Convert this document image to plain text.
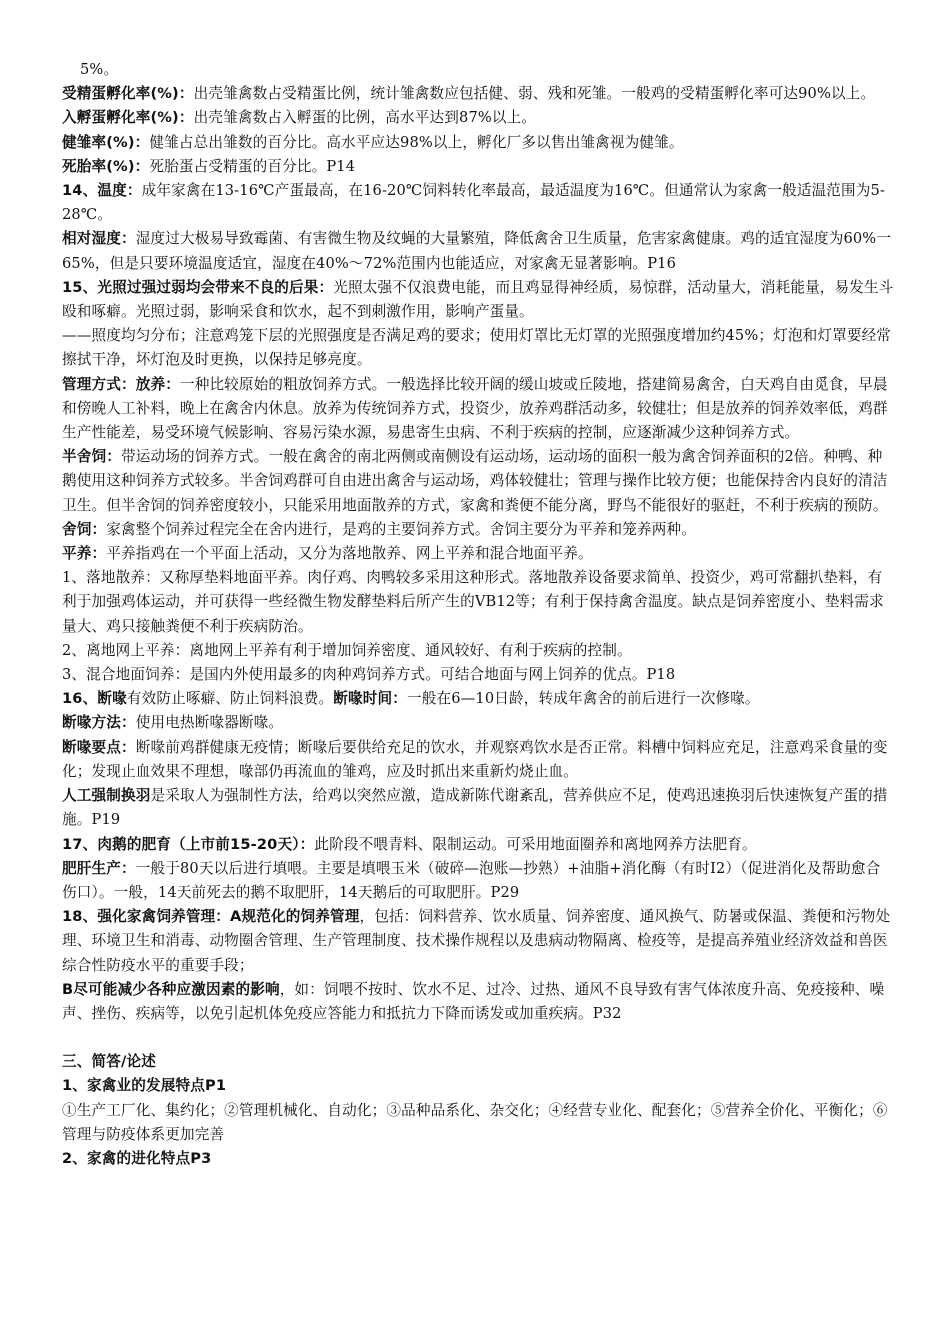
5%。

受精蛋孵化率(%)：出壳雏禽数占受精蛋比例，统计雏禽数应包括健、弱、残和死雏。一般鸡的受精蛋孵化率可达90%以上。

入孵蛋孵化率(%)：出壳雏禽数占入孵蛋的比例，高水平达到87%以上。

健雏率(%)：健雏占总出雏数的百分比。高水平应达98%以上，孵化厂多以售出雏禽视为健雏。

死胎率(%)：死胎蛋占受精蛋的百分比。P14

14、温度：成年家禽在13-16℃产蛋最高，在16-20℃饲料转化率最高，最适温度为16℃。但通常认为家禽一般适温范围为5-28℃。

相对湿度：湿度过大极易导致霉菌、有害微生物及纹蝇的大量繁殖，降低禽舍卫生质量，危害家禽健康。鸡的适宜湿度为60%一65%，但是只要环境温度适宜，湿度在40%～72%范围内也能适应，对家禽无显著影响。P16

15、光照过强过弱均会带来不良的后果：光照太强不仅浪费电能，而且鸡显得神经质，易惊群，活动量大，消耗能量，易发生斗殴和啄癖。光照过弱，影响采食和饮水，起不到刺激作用，影响产蛋量。

——照度均匀分布；注意鸡笼下层的光照强度是否满足鸡的要求；使用灯罩比无灯罩的光照强度增加约45%；灯泡和灯罩要经常擦拭干净，坏灯泡及时更换，以保持足够亮度。

管理方式：放养：一种比较原始的粗放饲养方式。一般选择比较开阔的缓山坡或丘陵地，搭建简易禽舍，白天鸡自由觅食，早晨和傍晚人工补料，晚上在禽舍内休息。放养为传统饲养方式，投资少，放养鸡群活动多，较健壮；但是放养的饲养效率低，鸡群生产性能差，易受环境气候影响、容易污染水源，易患寄生虫病、不利于疾病的控制，应逐渐减少这种饲养方式。

半舍饲：带运动场的饲养方式。一般在禽舍的南北两侧或南侧设有运动场，运动场的面积一般为禽舍饲养面积的2倍。种鸭、种鹅使用这种饲养方式较多。半舍饲鸡群可自由进出禽舍与运动场，鸡体较健壮；管理与操作比较方便；也能保持舍内良好的清洁卫生。但半舍饲的饲养密度较小，只能采用地面散养的方式，家禽和粪便不能分离，野鸟不能很好的驱赶，不利于疾病的预防。

舍饲：家禽整个饲养过程完全在舍内进行，是鸡的主要饲养方式。舍饲主要分为平养和笼养两种。

平养：平养指鸡在一个平面上活动，又分为落地散养、网上平养和混合地面平养。

1、落地散养：又称厚垫料地面平养。肉仔鸡、肉鸭较多采用这种形式。落地散养设备要求简单、投资少，鸡可常翻扒垫料，有利于加强鸡体运动，并可获得一些经微生物发酵垫料后所产生的VB12等；有利于保持禽舍温度。缺点是饲养密度小、垫料需求量大、鸡只接触粪便不利于疾病防治。

2、离地网上平养：离地网上平养有利于增加饲养密度、通风较好、有利于疾病的控制。

3、混合地面饲养：是国内外使用最多的肉种鸡饲养方式。可结合地面与网上饲养的优点。P18

16、断喙有效防止啄癖、防止饲料浪费。断喙时间：一般在6—10日龄，转成年禽舍的前后进行一次修喙。

断喙方法：使用电热断喙器断喙。

断喙要点：断喙前鸡群健康无疫情；断喙后要供给充足的饮水，并观察鸡饮水是否正常。料槽中饲料应充足，注意鸡采食量的变化；发现止血效果不理想，喙部仍再流血的雏鸡，应及时抓出来重新灼烧止血。

人工强制换羽是采取人为强制性方法，给鸡以突然应激，造成新陈代谢紊乱，营养供应不足，使鸡迅速换羽后快速恢复产蛋的措施。P19

17、肉鹅的肥育（上市前15-20天）：此阶段不喂青料、限制运动。可采用地面圈养和离地网养方法肥育。

肥肝生产：一般于80天以后进行填喂。主要是填喂玉米（破碎—泡账—抄熟）+油脂+消化酶（有时I2）（促进消化及帮助愈合伤口）。一般，14天前死去的鹅不取肥肝，14天鹅后的可取肥肝。P29

18、强化家禽饲养管理：A规范化的饲养管理，包括：饲料营养、饮水质量、饲养密度、通风换气、防暑或保温、粪便和污物处理、环境卫生和消毒、动物圈舍管理、生产管理制度、技术操作规程以及患病动物隔离、检疫等，是提高养殖业经济效益和兽医综合性防疫水平的重要手段；

B尽可能减少各种应激因素的影响，如：饲喂不按时、饮水不足、过冷、过热、通风不良导致有害气体浓度升高、免疫接种、噪声、挫伤、疾病等，以免引起机体免疫应答能力和抵抗力下降而诱发或加重疾病。P32

三、简答/论述

1、家禽业的发展特点P1

①生产工厂化、集约化；②管理机械化、自动化；③品种品系化、杂交化；④经营专业化、配套化；⑤营养全价化、平衡化；⑥管理与防疫体系更加完善

2、家禽的进化特点P3
